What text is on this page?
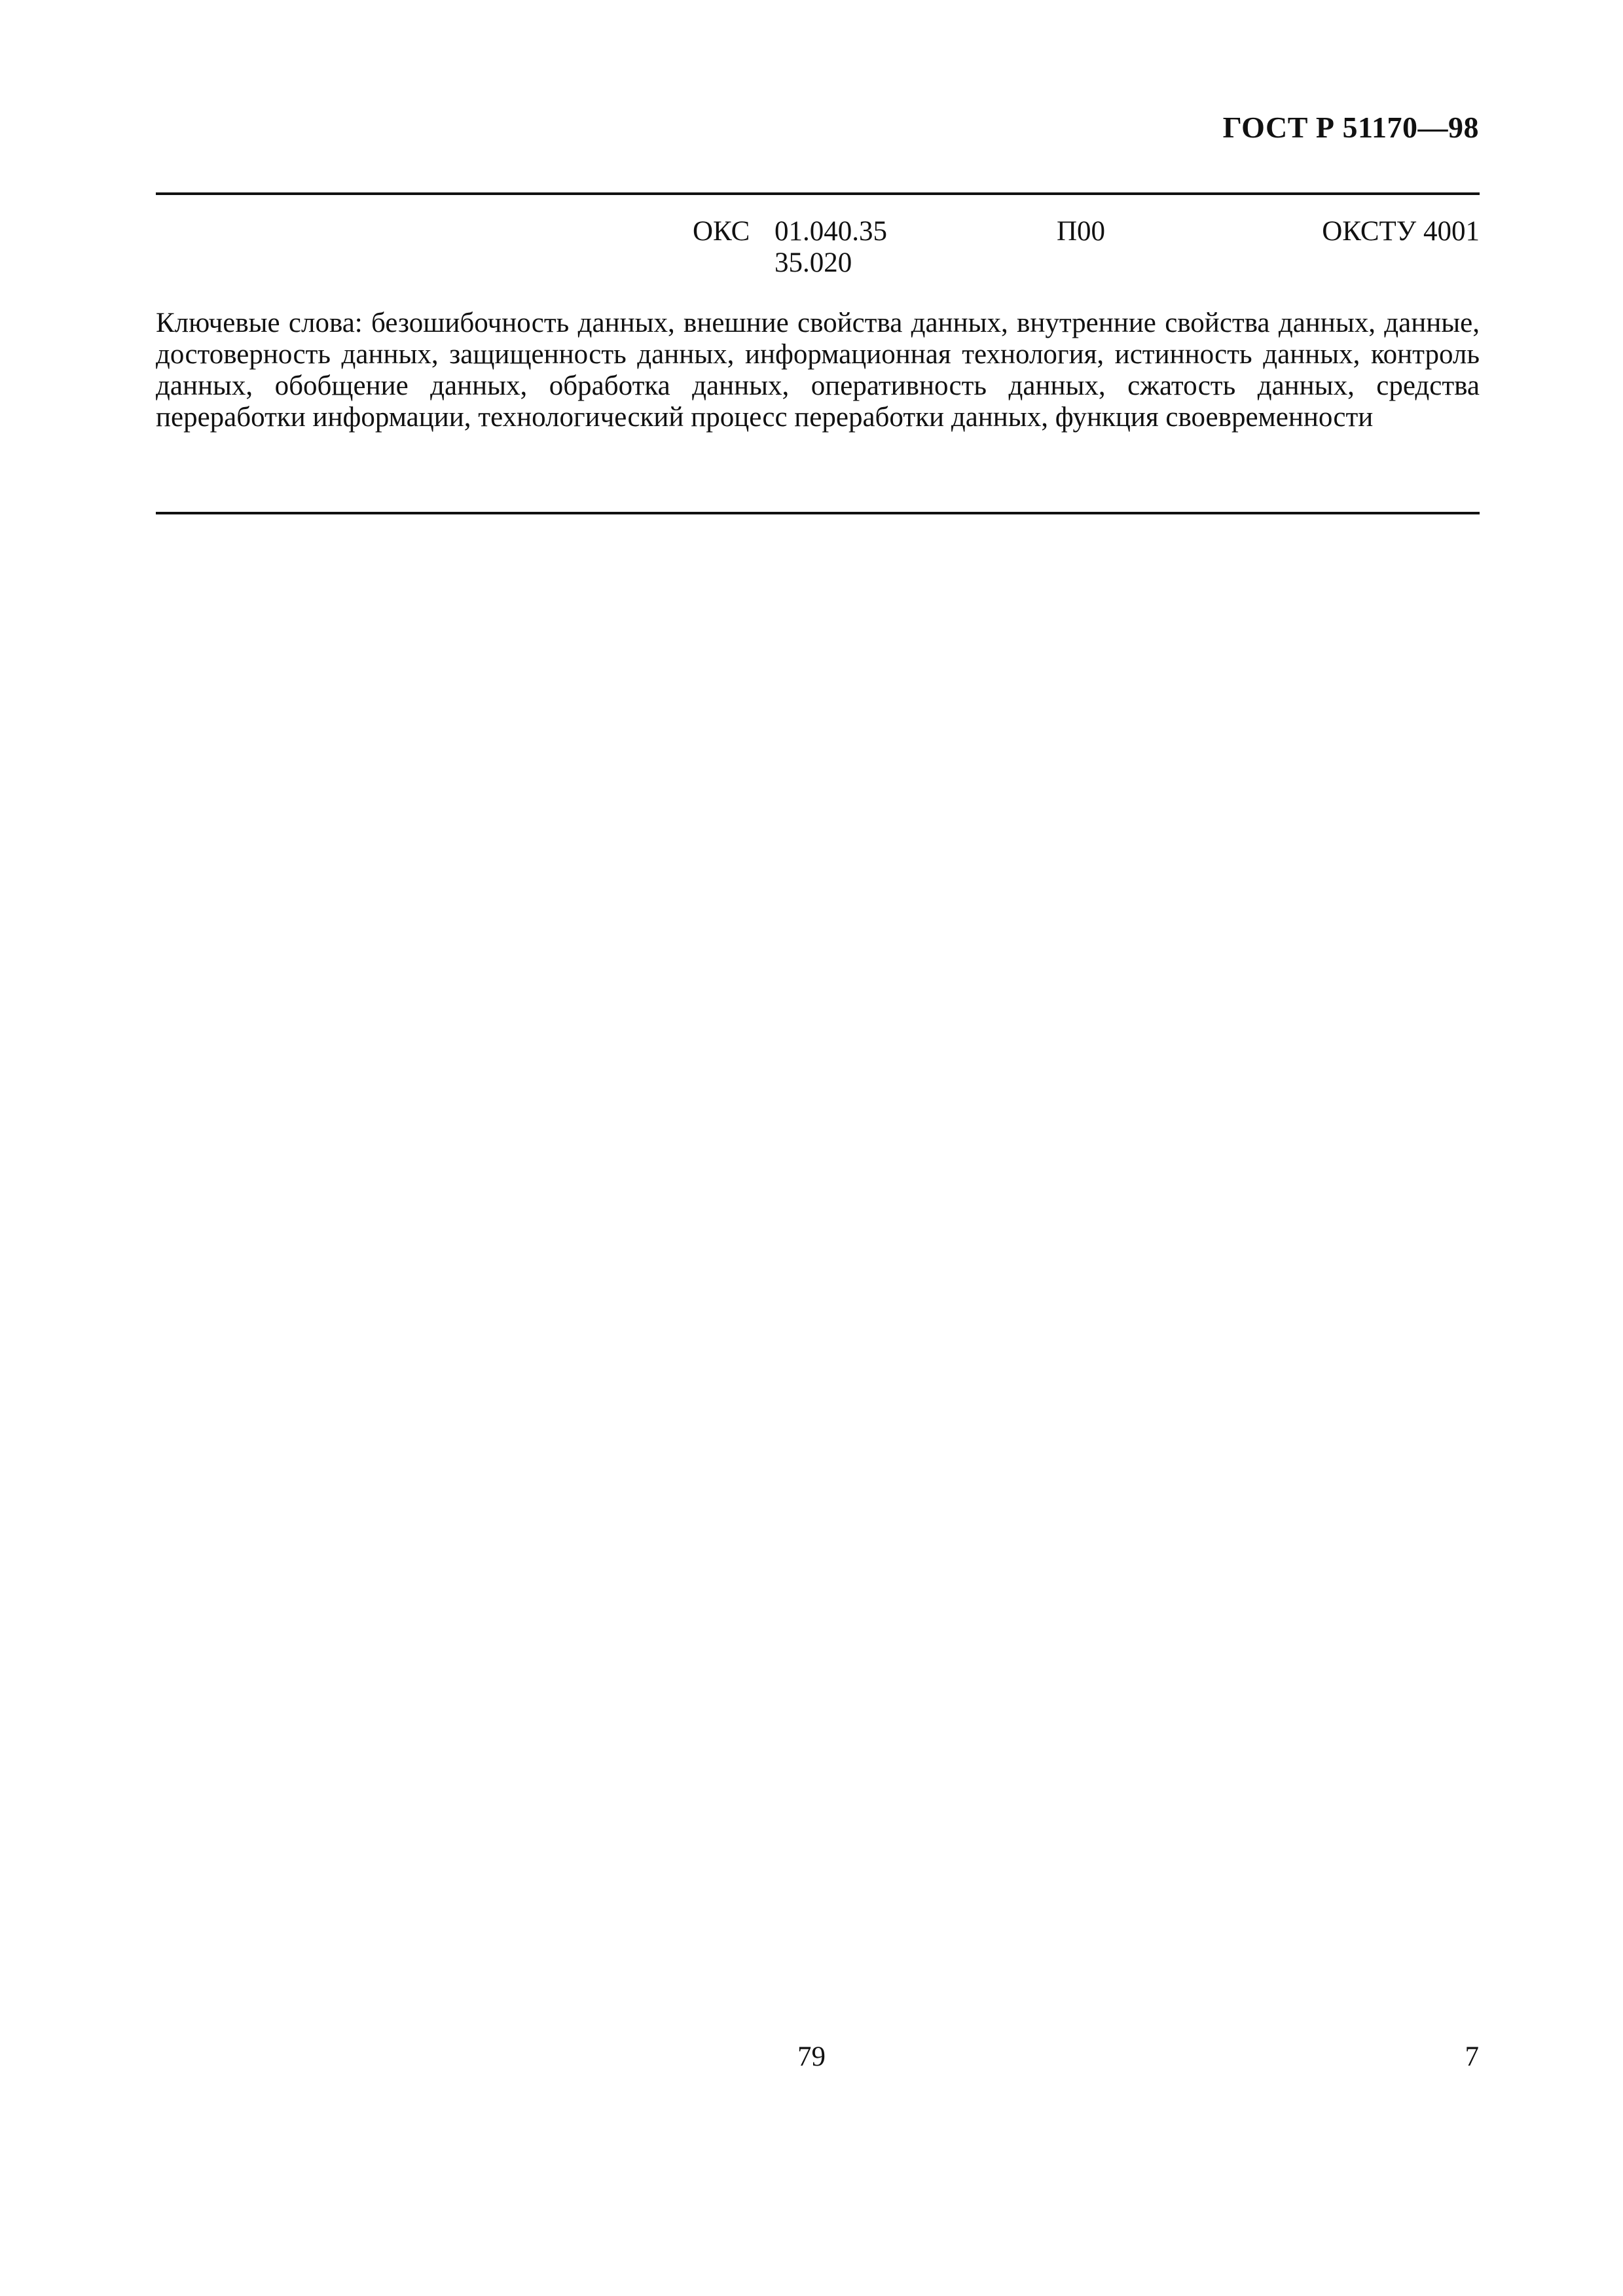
ГОСТ Р 51170—98
ОКС 01.040.35
35.020
П00	ОКСТУ 4001
Ключевые слова: безошибочность данных, внешние свойства данных, внутренние свойства данных, данные, достоверность данных, защищенность данных, информационная технология, истинность данных, контроль данных, обобщение данных, обработка данных, оперативность данных, сжатость данных, средства переработки информации, технологический процесс переработки данных, функция своевременности
79	7
